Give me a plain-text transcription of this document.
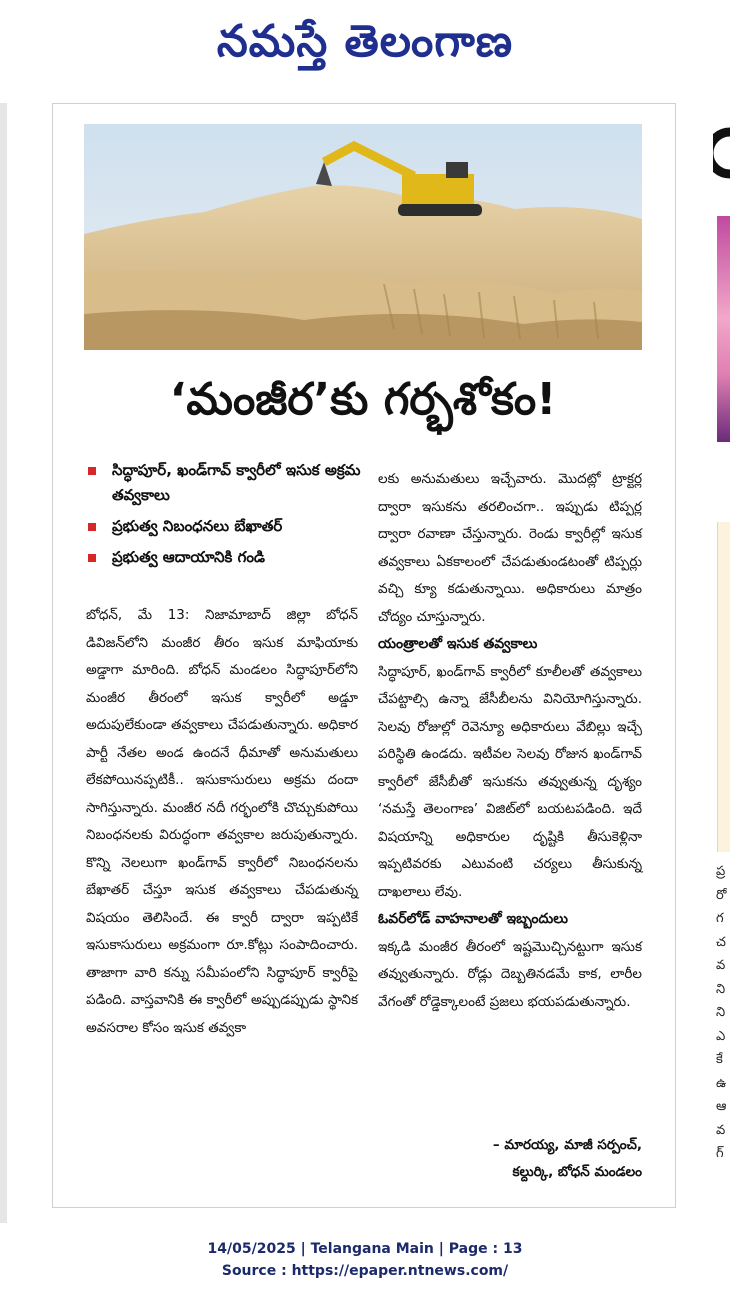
నమస్తే తెలంగాణ
‘మంజీర’కు గర్భశోకం!
సిద్ధాపూర్, ఖండ్‌గావ్ క్వారీలో ఇసుక అక్రమ తవ్వకాలు
ప్రభుత్వ నిబంధనలు బేఖాతర్
ప్రభుత్వ ఆదాయానికి గండి

బోధన్, మే 13: నిజామాబాద్ జిల్లా బోధన్ డివిజన్‌లోని మంజీర తీరం ఇసుక మాఫియాకు అడ్డాగా మారింది. బోధన్ మండలం సిద్ధాపూర్‌లోని మంజీర తీరంలో ఇసుక క్వారీలో అడ్డూ అదుపులేకుండా తవ్వకాలు చేపడుతున్నారు. అధికార పార్టీ నేతల అండ ఉందనే ధీమాతో అనుమతులు లేకపోయినప్పటికీ.. ఇసుకాసురులు అక్రమ దందా సాగిస్తున్నారు. మంజీర నదీ గర్భంలోకి చొచ్చుకుపోయి నిబంధనలకు విరుద్ధంగా తవ్వకాల జరుపుతున్నారు. కొన్ని నెలలుగా ఖండ్‌గావ్ క్వారీలో నిబంధనలను బేఖాతర్ చేస్తూ ఇసుక తవ్వకాలు చేపడుతున్న విషయం తెలిసిందే. ఈ క్వారీ ద్వారా ఇప్పటికే ఇసుకాసురులు అక్రమంగా రూ.కోట్లు సంపాదించారు. తాజాగా వారి కన్ను సమీపంలోని సిద్ధాపూర్ క్వారీపై పడింది. వాస్తవానికి ఈ క్వారీలో అప్పుడప్పుడు స్థానిక అవసరాల కోసం ఇసుక తవ్వకా

లకు అనుమతులు ఇచ్చేవారు. మొదట్లో ట్రాక్టర్ల ద్వారా ఇసుకను తరలించగా.. ఇప్పుడు టిప్పర్ల ద్వారా రవాణా చేస్తున్నారు. రెండు క్వారీల్లో ఇసుక తవ్వకాలు ఏకకాలంలో చేపడుతుండటంతో టిప్పర్లు వచ్చి క్యూ కడుతున్నాయి. అధికారులు మాత్రం చోద్యం చూస్తున్నారు.

యంత్రాలతో ఇసుక తవ్వకాలు

సిద్ధాపూర్, ఖండ్‌గావ్ క్వారీలో కూలీలతో తవ్వకాలు చేపట్టాల్సి ఉన్నా జేసీబీలను వినియోగిస్తున్నారు. సెలవు రోజుల్లో రెవెన్యూ అధికారులు వేబిల్లు ఇచ్చే పరిస్థితి ఉండదు. ఇటీవల సెలవు రోజున ఖండ్‌గావ్ క్వారీలో జేసీబీతో ఇసుకను తవ్వుతున్న దృశ్యం ‘నమస్తే తెలంగాణ’ విజిట్‌లో బయటపడింది. ఇదే విషయాన్ని అధికారుల దృష్టికి తీసుకెళ్లినా ఇప్పటివరకు ఎటువంటి చర్యలు తీసుకున్న దాఖలాలు లేవు.

ఓవర్‌లోడ్ వాహనాలతో ఇబ్బందులు

ఇక్కడి మంజీర తీరంలో ఇష్టమొచ్చినట్టుగా ఇసుక తవ్వుతున్నారు. రోడ్లు దెబ్బతినడమే కాక, లారీల వేగంతో రోడ్డెక్కాలంటే ప్రజలు భయపడుతున్నారు.

– మారయ్య, మాజీ సర్పంచ్,
కల్దుర్కి, బోధన్ మండలం
ప్ర రో గ చ వ ని ని ఎ కే ఉ ఆ వ గ్
14/05/2025 | Telangana Main | Page : 13
Source : https://epaper.ntnews.com/
